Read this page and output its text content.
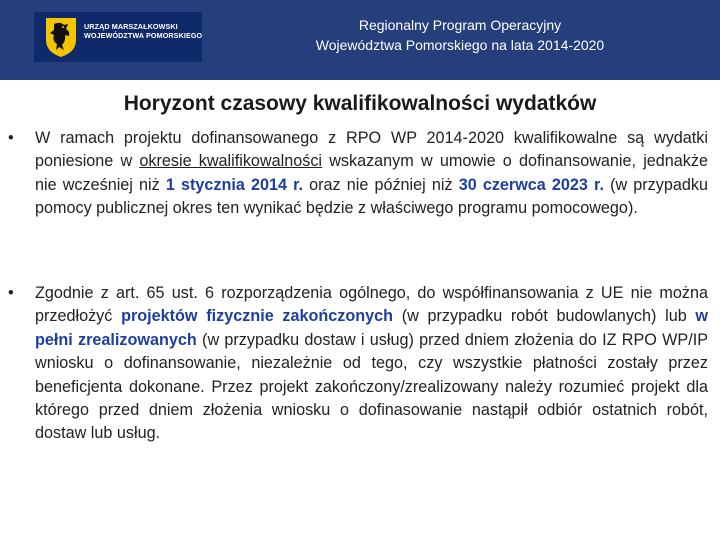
URZĄD MARSZAŁKOWSKI
WOJEWÓDZTWA POMORSKIEGO
Regionalny Program Operacyjny
Województwa Pomorskiego na lata 2014-2020
Horyzont czasowy kwalifikowalności wydatków
• W ramach projektu dofinansowanego z RPO WP 2014-2020 kwalifikowalne są wydatki poniesione w okresie kwalifikowalności wskazanym w umowie o dofinansowanie, jednakże nie wcześniej niż 1 stycznia 2014 r. oraz nie później niż 30 czerwca 2023 r. (w przypadku pomocy publicznej okres ten wynikać będzie z właściwego programu pomocowego).
• Zgodnie z art. 65 ust. 6 rozporządzenia ogólnego, do współfinansowania z UE nie można przedłożyć projektów fizycznie zakończonych (w przypadku robót budowlanych) lub w pełni zrealizowanych (w przypadku dostaw i usług) przed dniem złożenia do IZ RPO WP/IP wniosku o dofinansowanie, niezależnie od tego, czy wszystkie płatności zostały przez beneficjenta dokonane. Przez projekt zakończony/zrealizowany należy rozumieć projekt dla którego przed dniem złożenia wniosku o dofinasowanie nastąpił odbiór ostatnich robót, dostaw lub usług.
